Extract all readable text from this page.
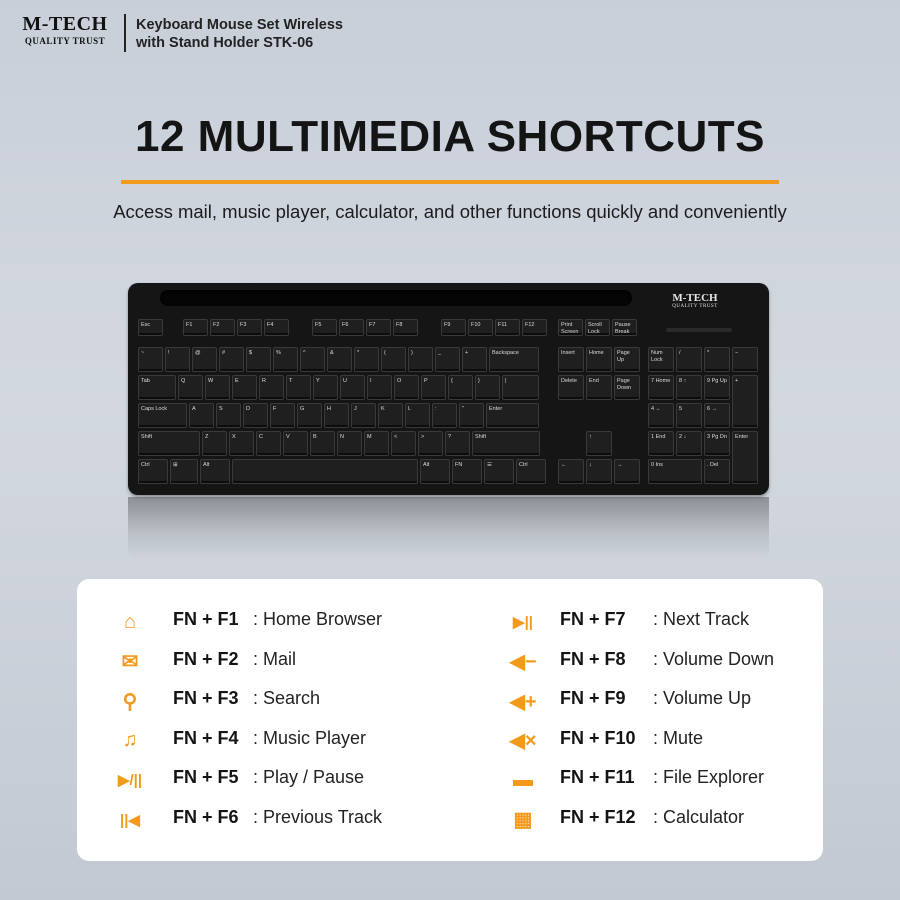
M-TECH
QUALITY TRUST
Keyboard Mouse Set Wireless
with Stand Holder STK-06
12 MULTIMEDIA SHORTCUTS
Access mail, music player, calculator, and other functions quickly and conveniently
M-TECH
QUALITY TRUST
Esc	F1	F2	F3	F4	F5	F6	F7	F8	F9	F10	F11	F12	Print Screen
Scroll Lock
Pause Break
~	!	@	#	$	%	^	&	*	(	)	_	+	Backspace
Tab	Q	W	E	R	T	Y	U	I	O	P	{	}	|
Caps Lock	A	S	D	F	G	H	J	K	L	:	"	Enter
Shift	Z	X	C	V	B	N	M	<	>	?	Shift
Ctrl	⊞	Alt	Alt	FN	☰	Ctrl
Insert	Home	Page Up
Delete	End	Page Down
↑
←	↓	→
Num Lock
/	*	−
7 Home	8 ↑	9 Pg Up	+
4 ←	5	6 →
1 End	2 ↓	3 Pg Dn	Enter
0 Ins	. Del
⌂	FN + F1 : Home Browser
✉ FN + F2 : Mail
⚲	FN + F3 : Search
♫	FN + F4 : Music Player
▶/|| FN + F5 : Play / Pause
||◀ FN + F6 : Previous Track
▶|| FN + F7 : Next Track
◀− FN + F8 : Volume Down
◀+ FN + F9 : Volume Up
◀× FN + F10 : Mute
▬ FN + F11 : File Explorer
▦ FN + F12 : Calculator
